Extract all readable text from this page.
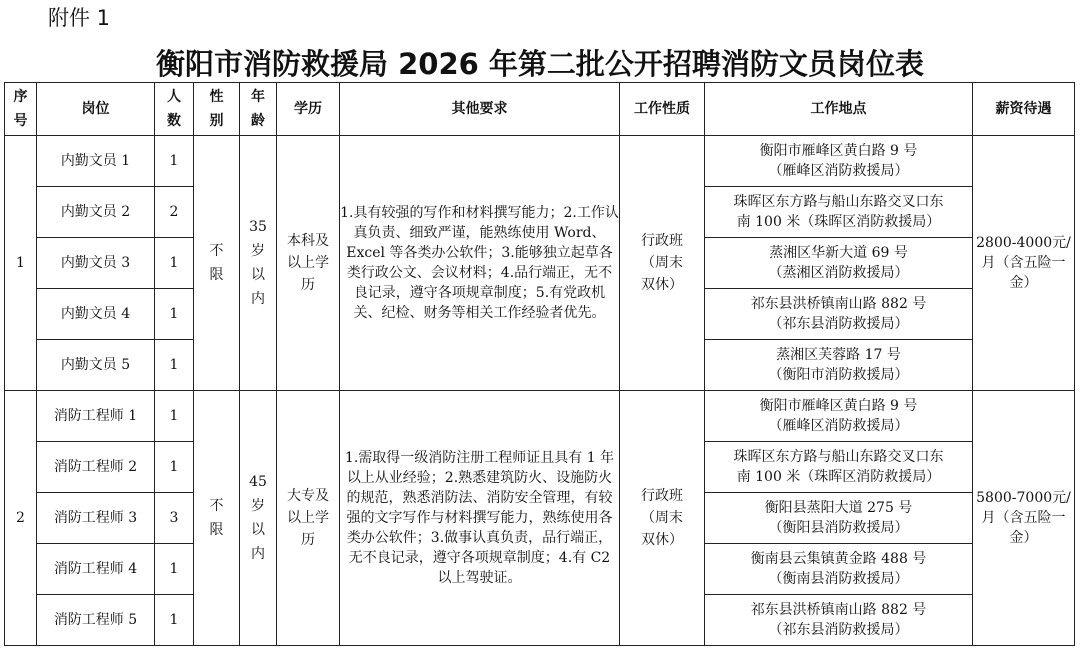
附件 1
衡阳市消防救援局 2026 年第二批公开招聘消防文员岗位表
序号	岗位	人数	性别	年龄	学历	其他要求	工作性质	工作地点	薪资待遇
1	内勤文员 1	1	不限	35岁以内	本科及以上学历	1.具有较强的写作和材料撰写能力；2.工作认真负责、细致严谨，能熟练使用 Word、Excel 等各类办公软件；3.能够独立起草各类行政公文、会议材料；4.品行端正，无不良记录，遵守各项规章制度；5.有党政机关、纪检、财务等相关工作经验者优先。	行政班（周末双休）	衡阳市雁峰区黄白路 9 号
（雁峰区消防救援局）	2800-4000元/月（含五险一金）
	内勤文员 2	2						珠晖区东方路与船山东路交叉口东
南 100 米（珠晖区消防救援局）	

	内勤文员 3	1						蒸湘区华新大道 69 号
（蒸湘区消防救援局）	

	内勤文员 4	1						祁东县洪桥镇南山路 882 号
（祁东县消防救援局）	

	内勤文员 5	1						蒸湘区芙蓉路 17 号
（衡阳市消防救援局）	

2	消防工程师 1	1	不限	45岁以内	大专及以上学历	1.需取得一级消防注册工程师证且具有 1 年以上从业经验；2.熟悉建筑防火、设施防火的规范，熟悉消防法、消防安全管理，有较强的文字写作与材料撰写能力，熟练使用各类办公软件；3.做事认真负责，品行端正，无不良记录，遵守各项规章制度；4.有 C2 以上驾驶证。	行政班（周末双休）	衡阳市雁峰区黄白路 9 号
（雁峰区消防救援局）	5800-7000元/月（含五险一金）
	消防工程师 2	1						珠晖区东方路与船山东路交叉口东
南 100 米（珠晖区消防救援局）	

	消防工程师 3	3						衡阳县蒸阳大道 275 号
（衡阳县消防救援局）	

	消防工程师 4	1						衡南县云集镇黄金路 488 号
（衡南县消防救援局）	

	消防工程师 5	1						祁东县洪桥镇南山路 882 号
（祁东县消防救援局）	
